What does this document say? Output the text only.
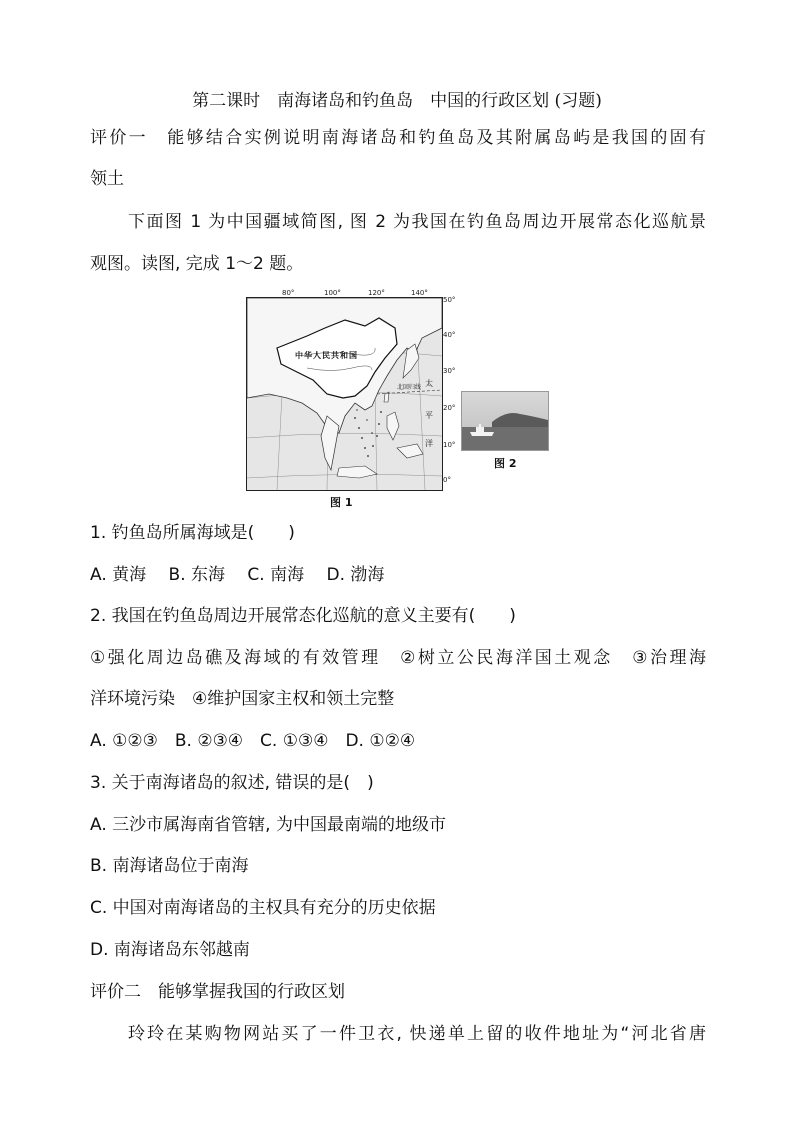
第二课时　南海诸岛和钓鱼岛　中国的行政区划 (习题)
评价一　能够结合实例说明南海诸岛和钓鱼岛及其附属岛屿是我国的固有
领土
下面图 1 为中国疆域简图, 图 2 为我国在钓鱼岛周边开展常态化巡航景
观图。读图, 完成 1～2 题。
80°	100°	120°	140°
中华人民共和国
太
平
洋
北回归线
50°
40°
30°
20°
10°
0°
图 1
图 2
1. 钓鱼岛所属海域是(　　)
A. 黄海　 B. 东海　 C. 南海　 D. 渤海
2. 我国在钓鱼岛周边开展常态化巡航的意义主要有(　　)
①强化周边岛礁及海域的有效管理　②树立公民海洋国土观念　③治理海
洋环境污染　④维护国家主权和领土完整
A. ①②③　B. ②③④　C. ①③④　D. ①②④
3. 关于南海诸岛的叙述, 错误的是(　)
A. 三沙市属海南省管辖, 为中国最南端的地级市
B. 南海诸岛位于南海
C. 中国对南海诸岛的主权具有充分的历史依据
D. 南海诸岛东邻越南
评价二　能够掌握我国的行政区划
玲玲在某购物网站买了一件卫衣, 快递单上留的收件地址为“河北省唐
